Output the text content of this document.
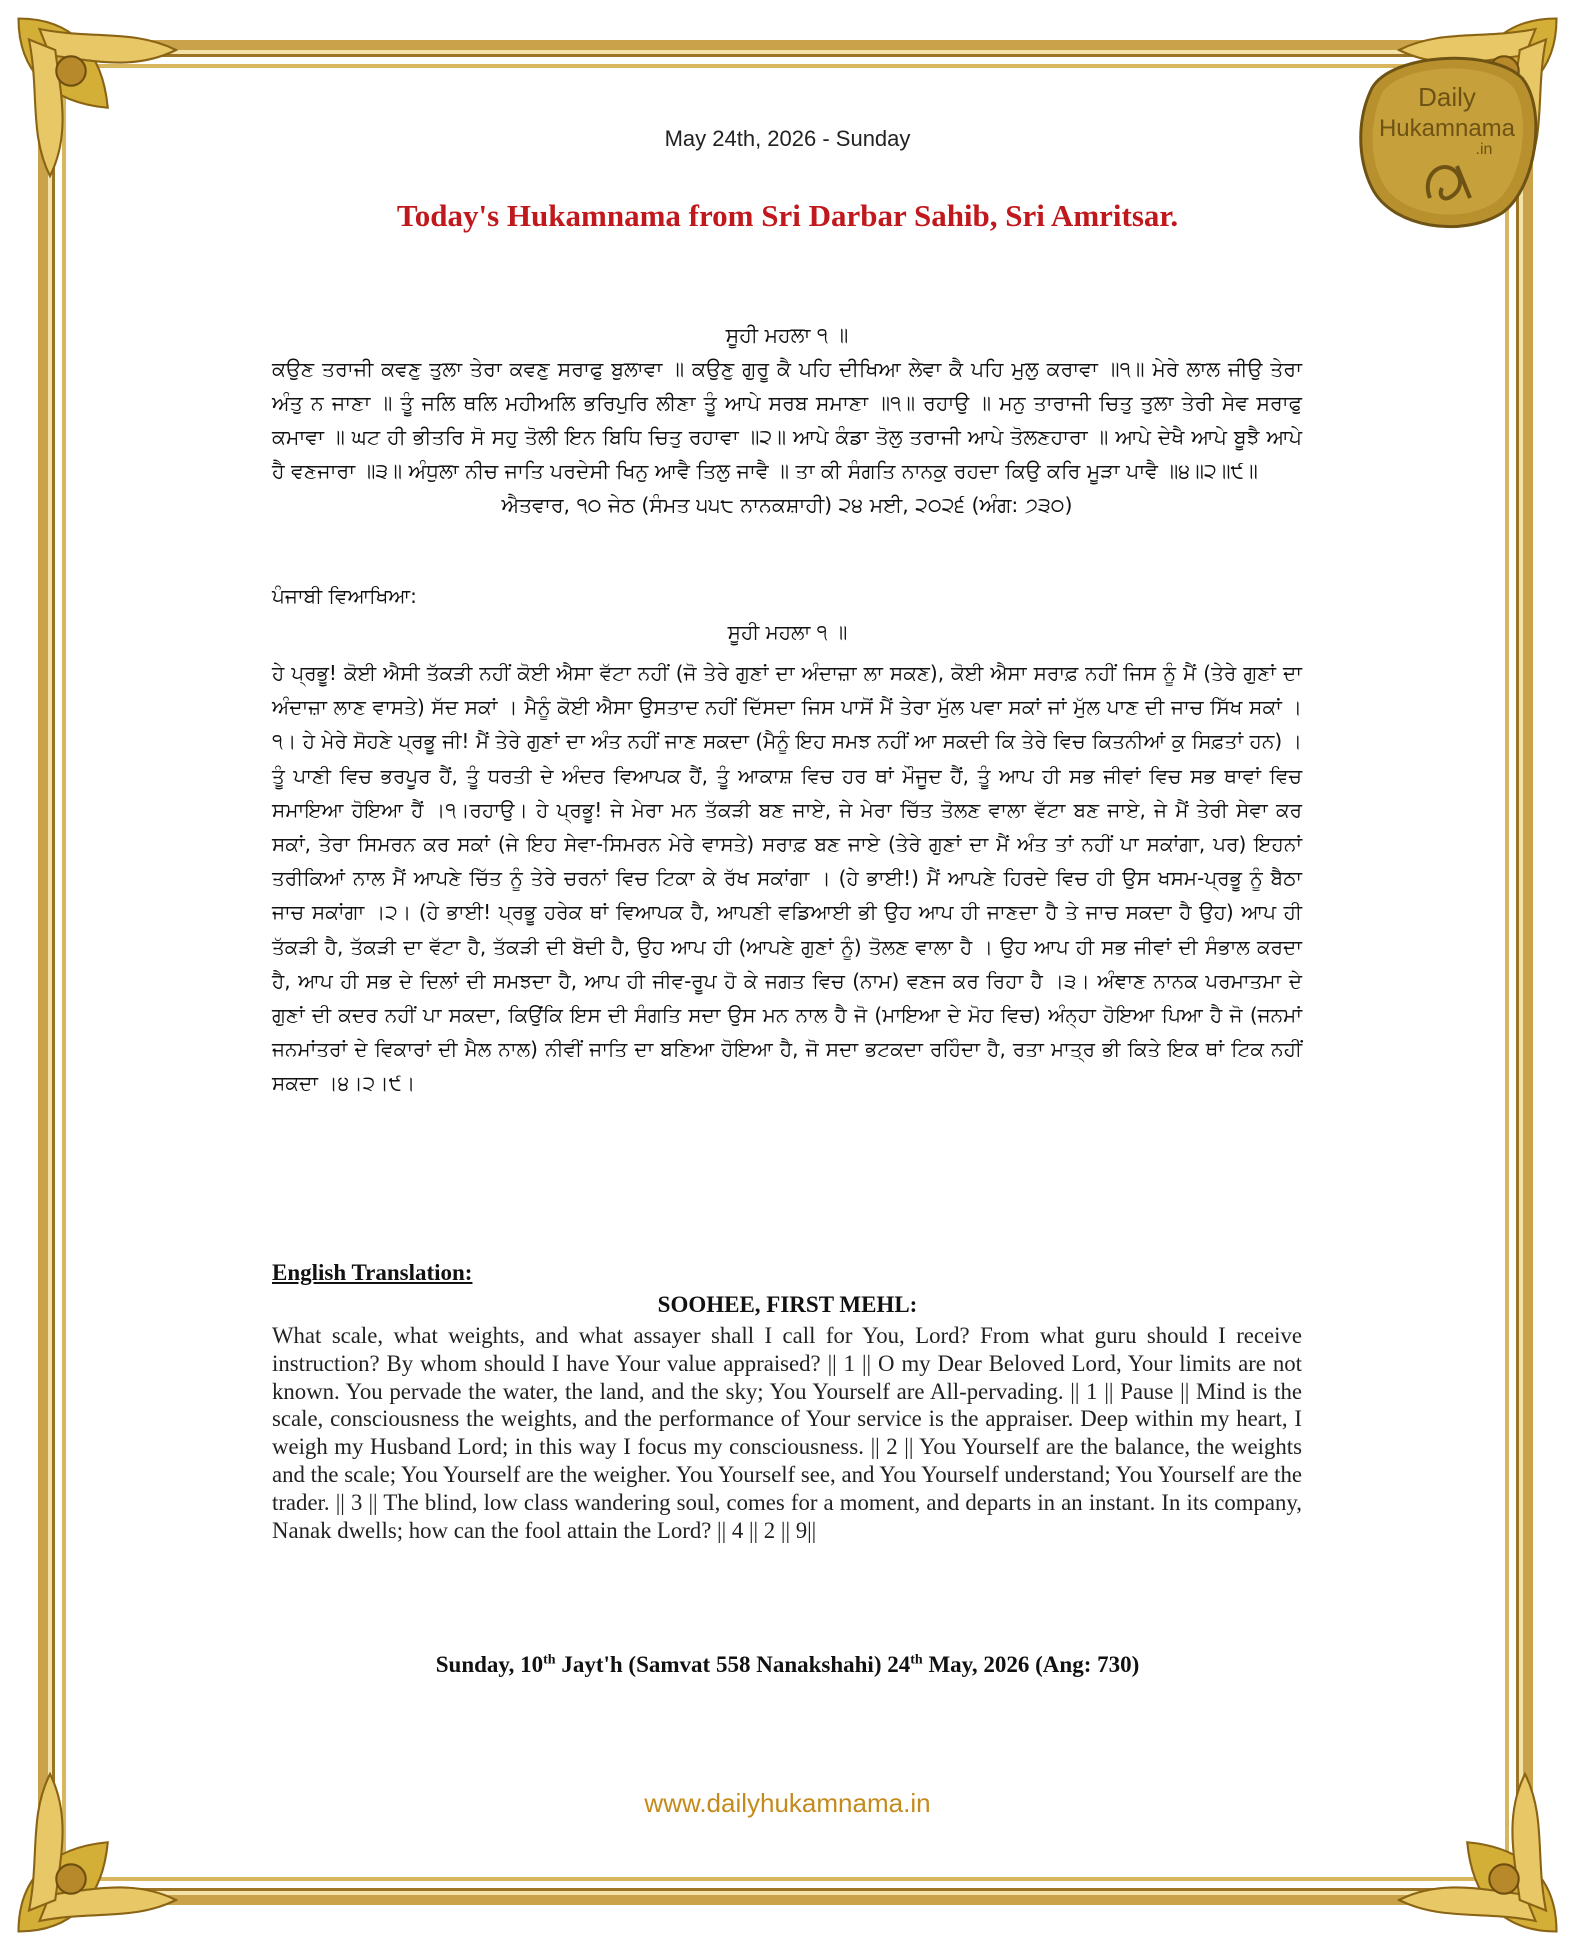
Daily
Hukamnama
.in
May 24th, 2026 - Sunday
Today's Hukamnama from Sri Darbar Sahib, Sri Amritsar.
ਸੂਹੀ ਮਹਲਾ ੧ ॥
ਕਉਣ ਤਰਾਜੀ ਕਵਣੁ ਤੁਲਾ ਤੇਰਾ ਕਵਣੁ ਸਰਾਫੁ ਬੁਲਾਵਾ ॥ ਕਉਣੁ ਗੁਰੂ ਕੈ ਪਹਿ ਦੀਖਿਆ ਲੇਵਾ ਕੈ ਪਹਿ ਮੁਲੁ ਕਰਾਵਾ ॥੧॥ ਮੇਰੇ ਲਾਲ ਜੀਉ ਤੇਰਾ ਅੰਤੁ ਨ ਜਾਣਾ ॥ ਤੂੰ ਜਲਿ ਥਲਿ ਮਹੀਅਲਿ ਭਰਿਪੁਰਿ ਲੀਣਾ ਤੂੰ ਆਪੇ ਸਰਬ ਸਮਾਣਾ ॥੧॥ ਰਹਾਉ ॥ ਮਨੁ ਤਾਰਾਜੀ ਚਿਤੁ ਤੁਲਾ ਤੇਰੀ ਸੇਵ ਸਰਾਫੁ ਕਮਾਵਾ ॥ ਘਟ ਹੀ ਭੀਤਰਿ ਸੋ ਸਹੁ ਤੋਲੀ ਇਨ ਬਿਧਿ ਚਿਤੁ ਰਹਾਵਾ ॥੨॥ ਆਪੇ ਕੰਡਾ ਤੋਲੁ ਤਰਾਜੀ ਆਪੇ ਤੋਲਣਹਾਰਾ ॥ ਆਪੇ ਦੇਖੈ ਆਪੇ ਬੂਝੈ ਆਪੇ ਹੈ ਵਣਜਾਰਾ ॥੩॥ ਅੰਧੁਲਾ ਨੀਚ ਜਾਤਿ ਪਰਦੇਸੀ ਖਿਨੁ ਆਵੈ ਤਿਲੁ ਜਾਵੈ ॥ ਤਾ ਕੀ ਸੰਗਤਿ ਨਾਨਕੁ ਰਹਦਾ ਕਿਉ ਕਰਿ ਮੂੜਾ ਪਾਵੈ ॥੪॥੨॥੯॥
ਐਤਵਾਰ, ੧੦ ਜੇਠ (ਸੰਮਤ ੫੫੮ ਨਾਨਕਸ਼ਾਹੀ) ੨੪ ਮਈ, ੨੦੨੬ (ਅੰਗ: ੭੩੦)
ਪੰਜਾਬੀ ਵਿਆਖਿਆ:
ਸੂਹੀ ਮਹਲਾ ੧ ॥
ਹੇ ਪ੍ਰਭੂ! ਕੋਈ ਐਸੀ ਤੱਕੜੀ ਨਹੀਂ ਕੋਈ ਐਸਾ ਵੱਟਾ ਨਹੀਂ (ਜੋ ਤੇਰੇ ਗੁਣਾਂ ਦਾ ਅੰਦਾਜ਼ਾ ਲਾ ਸਕਣ), ਕੋਈ ਐਸਾ ਸਰਾਫ਼ ਨਹੀਂ ਜਿਸ ਨੂੰ ਮੈਂ (ਤੇਰੇ ਗੁਣਾਂ ਦਾ ਅੰਦਾਜ਼ਾ ਲਾਣ ਵਾਸਤੇ) ਸੱਦ ਸਕਾਂ । ਮੈਨੂੰ ਕੋਈ ਐਸਾ ਉਸਤਾਦ ਨਹੀਂ ਦਿੱਸਦਾ ਜਿਸ ਪਾਸੋਂ ਮੈਂ ਤੇਰਾ ਮੁੱਲ ਪਵਾ ਸਕਾਂ ਜਾਂ ਮੁੱਲ ਪਾਣ ਦੀ ਜਾਚ ਸਿੱਖ ਸਕਾਂ ।੧। ਹੇ ਮੇਰੇ ਸੋਹਣੇ ਪ੍ਰਭੂ ਜੀ! ਮੈਂ ਤੇਰੇ ਗੁਣਾਂ ਦਾ ਅੰਤ ਨਹੀਂ ਜਾਣ ਸਕਦਾ (ਮੈਨੂੰ ਇਹ ਸਮਝ ਨਹੀਂ ਆ ਸਕਦੀ ਕਿ ਤੇਰੇ ਵਿਚ ਕਿਤਨੀਆਂ ਕੁ ਸਿਫ਼ਤਾਂ ਹਨ) । ਤੂੰ ਪਾਣੀ ਵਿਚ ਭਰਪੂਰ ਹੈਂ, ਤੂੰ ਧਰਤੀ ਦੇ ਅੰਦਰ ਵਿਆਪਕ ਹੈਂ, ਤੂੰ ਆਕਾਸ਼ ਵਿਚ ਹਰ ਥਾਂ ਮੌਜੂਦ ਹੈਂ, ਤੂੰ ਆਪ ਹੀ ਸਭ ਜੀਵਾਂ ਵਿਚ ਸਭ ਥਾਵਾਂ ਵਿਚ ਸਮਾਇਆ ਹੋਇਆ ਹੈਂ ।੧।ਰਹਾਉ। ਹੇ ਪ੍ਰਭੂ! ਜੇ ਮੇਰਾ ਮਨ ਤੱਕੜੀ ਬਣ ਜਾਏ, ਜੇ ਮੇਰਾ ਚਿੱਤ ਤੋਲਣ ਵਾਲਾ ਵੱਟਾ ਬਣ ਜਾਏ, ਜੇ ਮੈਂ ਤੇਰੀ ਸੇਵਾ ਕਰ ਸਕਾਂ, ਤੇਰਾ ਸਿਮਰਨ ਕਰ ਸਕਾਂ (ਜੇ ਇਹ ਸੇਵਾ-ਸਿਮਰਨ ਮੇਰੇ ਵਾਸਤੇ) ਸਰਾਫ਼ ਬਣ ਜਾਏ (ਤੇਰੇ ਗੁਣਾਂ ਦਾ ਮੈਂ ਅੰਤ ਤਾਂ ਨਹੀਂ ਪਾ ਸਕਾਂਗਾ, ਪਰ) ਇਹਨਾਂ ਤਰੀਕਿਆਂ ਨਾਲ ਮੈਂ ਆਪਣੇ ਚਿੱਤ ਨੂੰ ਤੇਰੇ ਚਰਨਾਂ ਵਿਚ ਟਿਕਾ ਕੇ ਰੱਖ ਸਕਾਂਗਾ । (ਹੇ ਭਾਈ!) ਮੈਂ ਆਪਣੇ ਹਿਰਦੇ ਵਿਚ ਹੀ ਉਸ ਖਸਮ-ਪ੍ਰਭੂ ਨੂੰ ਬੈਠਾ ਜਾਚ ਸਕਾਂਗਾ ।੨। (ਹੇ ਭਾਈ! ਪ੍ਰਭੂ ਹਰੇਕ ਥਾਂ ਵਿਆਪਕ ਹੈ, ਆਪਣੀ ਵਡਿਆਈ ਭੀ ਉਹ ਆਪ ਹੀ ਜਾਣਦਾ ਹੈ ਤੇ ਜਾਚ ਸਕਦਾ ਹੈ ਉਹ) ਆਪ ਹੀ ਤੱਕੜੀ ਹੈ, ਤੱਕੜੀ ਦਾ ਵੱਟਾ ਹੈ, ਤੱਕੜੀ ਦੀ ਬੋਦੀ ਹੈ, ਉਹ ਆਪ ਹੀ (ਆਪਣੇ ਗੁਣਾਂ ਨੂੰ) ਤੋਲਣ ਵਾਲਾ ਹੈ । ਉਹ ਆਪ ਹੀ ਸਭ ਜੀਵਾਂ ਦੀ ਸੰਭਾਲ ਕਰਦਾ ਹੈ, ਆਪ ਹੀ ਸਭ ਦੇ ਦਿਲਾਂ ਦੀ ਸਮਝਦਾ ਹੈ, ਆਪ ਹੀ ਜੀਵ-ਰੂਪ ਹੋ ਕੇ ਜਗਤ ਵਿਚ (ਨਾਮ) ਵਣਜ ਕਰ ਰਿਹਾ ਹੈ ।੩। ਅੰਞਾਣ ਨਾਨਕ ਪਰਮਾਤਮਾ ਦੇ ਗੁਣਾਂ ਦੀ ਕਦਰ ਨਹੀਂ ਪਾ ਸਕਦਾ, ਕਿਉਂਕਿ ਇਸ ਦੀ ਸੰਗਤਿ ਸਦਾ ਉਸ ਮਨ ਨਾਲ ਹੈ ਜੋ (ਮਾਇਆ ਦੇ ਮੋਹ ਵਿਚ) ਅੰਨ੍ਹਾ ਹੋਇਆ ਪਿਆ ਹੈ ਜੋ (ਜਨਮਾਂ ਜਨਮਾਂਤਰਾਂ ਦੇ ਵਿਕਾਰਾਂ ਦੀ ਮੈਲ ਨਾਲ) ਨੀਵੀਂ ਜਾਤਿ ਦਾ ਬਣਿਆ ਹੋਇਆ ਹੈ, ਜੋ ਸਦਾ ਭਟਕਦਾ ਰਹਿੰਦਾ ਹੈ, ਰਤਾ ਮਾਤ੍ਰ ਭੀ ਕਿਤੇ ਇਕ ਥਾਂ ਟਿਕ ਨਹੀਂ ਸਕਦਾ ।੪।੨।੯।
English Translation:
SOOHEE, FIRST MEHL:
What scale, what weights, and what assayer shall I call for You, Lord? From what guru should I receive instruction? By whom should I have Your value appraised? || 1 || O my Dear Beloved Lord, Your limits are not known. You pervade the water, the land, and the sky; You Yourself are All-pervading. || 1 || Pause || Mind is the scale, consciousness the weights, and the performance of Your service is the appraiser. Deep within my heart, I weigh my Husband Lord; in this way I focus my consciousness. || 2 || You Yourself are the balance, the weights and the scale; You Yourself are the weigher. You Yourself see, and You Yourself understand; You Yourself are the trader. || 3 || The blind, low class wandering soul, comes for a moment, and departs in an instant. In its company, Nanak dwells; how can the fool attain the Lord? || 4 || 2 || 9||
Sunday, 10th Jayt'h (Samvat 558 Nanakshahi) 24th May, 2026 (Ang: 730)
www.dailyhukamnama.in
